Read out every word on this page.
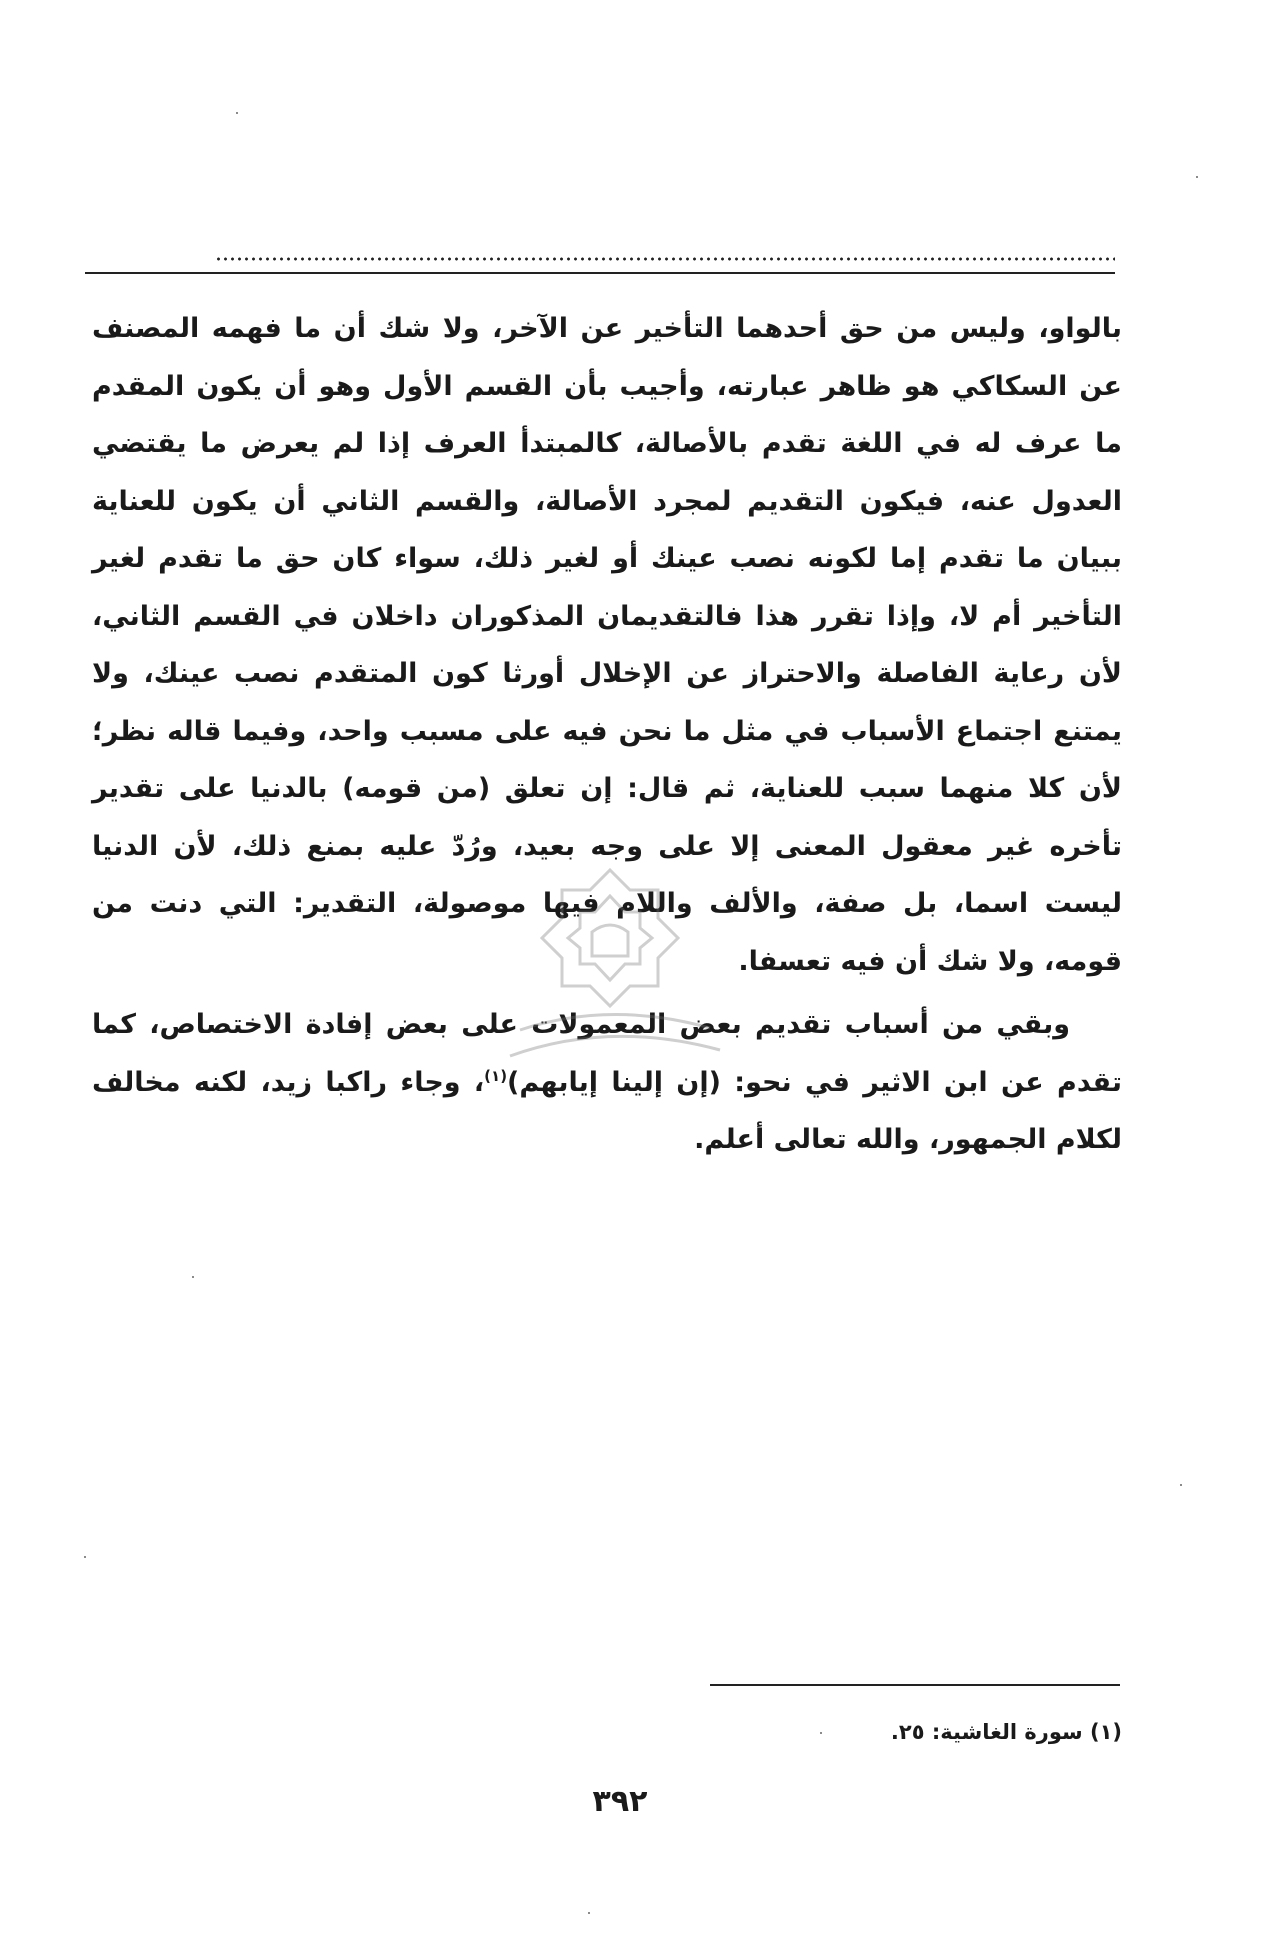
بالواو، وليس من حق أحدهما التأخير عن الآخر، ولا شك أن ما فهمه المصنف عن السكاكي هو ظاهر عبارته، وأجيب بأن القسم الأول وهو أن يكون المقدم ما عرف له في اللغة تقدم بالأصالة، كالمبتدأ العرف إذا لم يعرض ما يقتضي العدول عنه، فيكون التقديم لمجرد الأصالة، والقسم الثاني أن يكون للعناية ببيان ما تقدم إما لكونه نصب عينك أو لغير ذلك، سواء كان حق ما تقدم لغير التأخير أم لا، وإذا تقرر هذا فالتقديمان المذكوران داخلان في القسم الثاني، لأن رعاية الفاصلة والاحتراز عن الإخلال أورثا كون المتقدم نصب عينك، ولا يمتنع اجتماع الأسباب في مثل ما نحن فيه على مسبب واحد، وفيما قاله نظر؛ لأن كلا منهما سبب للعناية، ثم قال: إن تعلق (من قومه) بالدنيا على تقدير تأخره غير معقول المعنى إلا على وجه بعيد، ورُدّ عليه بمنع ذلك، لأن الدنيا ليست اسما، بل صفة، والألف واللام فيها موصولة، التقدير: التي دنت من قومه، ولا شك أن فيه تعسفا.

وبقي من أسباب تقديم بعض المعمولات على بعض إفادة الاختصاص، كما تقدم عن ابن الاثير في نحو: (إن إلينا إيابهم)$^{(١)}$، وجاء راكبا زيد، لكنه مخالف لكلام الجمهور، والله تعالى أعلم.

(١) سورة الغاشية: ٢٥.
٣٩٢
